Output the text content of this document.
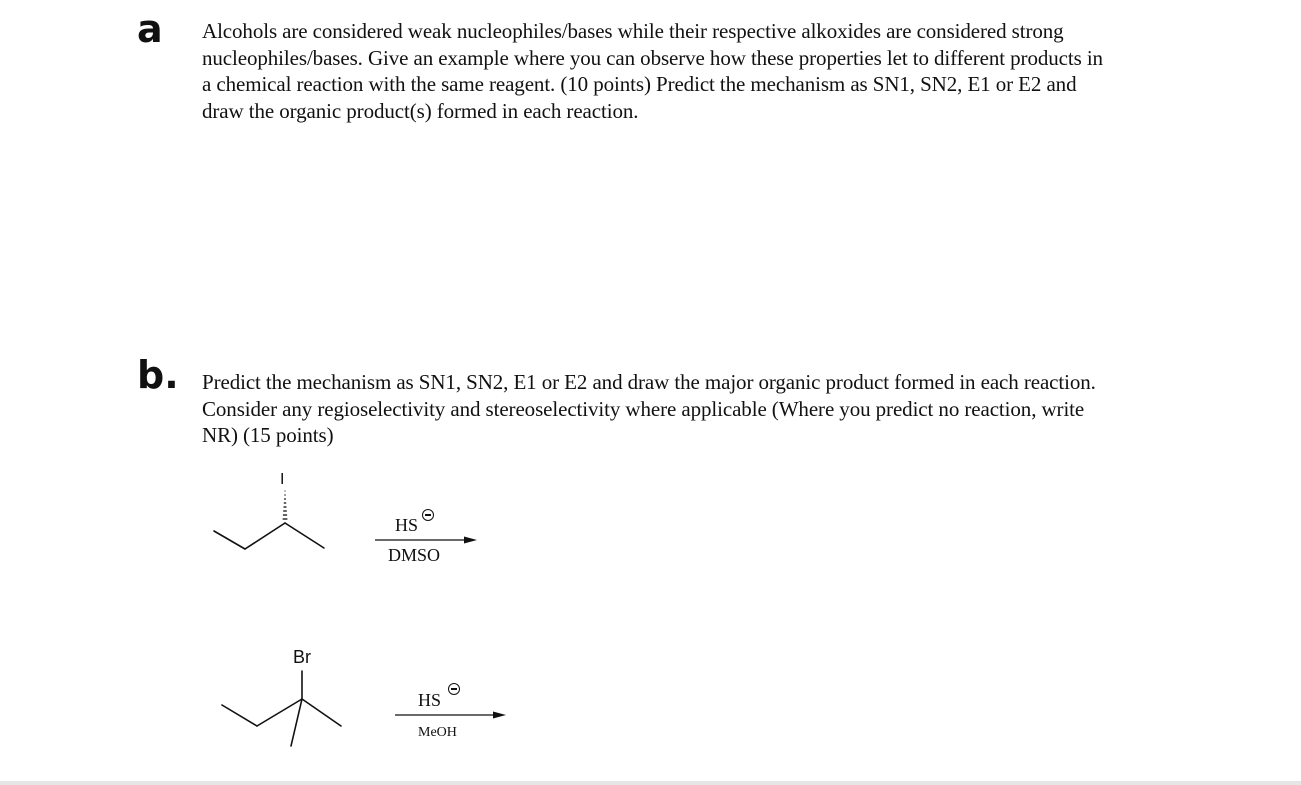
a Alcohols are considered weak nucleophiles/bases while their respective alkoxides are considered strong
nucleophiles/bases. Give an example where you can observe how these properties let to different products in
a chemical reaction with the same reagent. (10 points) Predict the mechanism as SN1, SN2, E1 or E2 and
draw the organic product(s) formed in each reaction.

b. Predict the mechanism as SN1, SN2, E1 or E2 and draw the major organic product formed in each reaction.
Consider any regioselectivity and stereoselectivity where applicable (Where you predict no reaction, write
NR) (15 points)

I
HS
DMSO
Br
HS
MeOH
